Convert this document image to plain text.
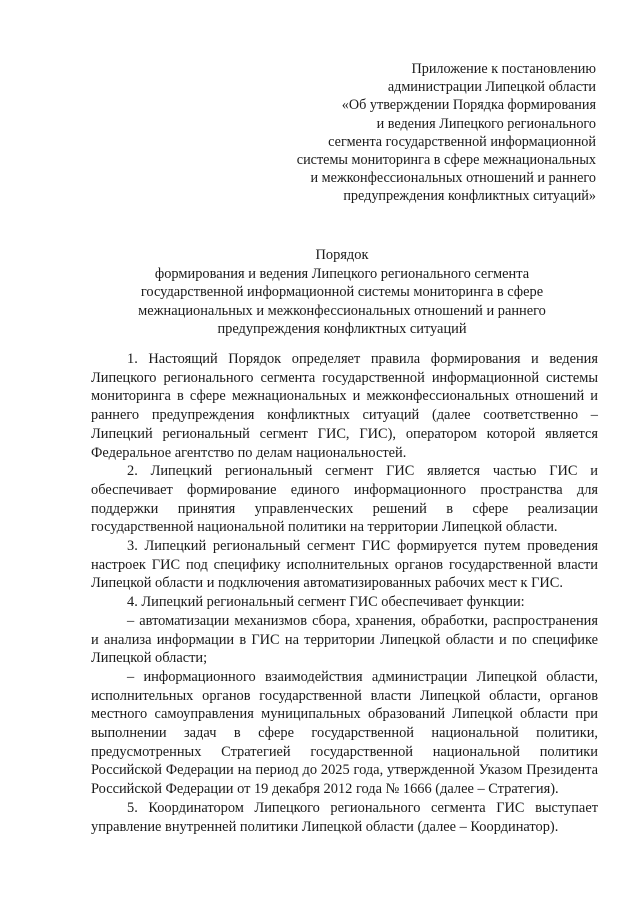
Приложение к постановлению
администрации Липецкой области
«Об утверждении Порядка формирования
и ведения Липецкого регионального
сегмента государственной информационной
системы мониторинга в сфере межнациональных
и межконфессиональных отношений и раннего
предупреждения конфликтных ситуаций»
Порядок
формирования и ведения Липецкого регионального сегмента
государственной информационной системы мониторинга в сфере
межнациональных и межконфессиональных отношений и раннего
предупреждения конфликтных ситуаций

1. Настоящий Порядок определяет правила формирования и ведения Липецкого регионального сегмента государственной информационной системы мониторинга в сфере межнациональных и межконфессиональных отношений и раннего предупреждения конфликтных ситуаций (далее соответственно – Липецкий региональный сегмент ГИС, ГИС), оператором которой является Федеральное агентство по делам национальностей.

2. Липецкий региональный сегмент ГИС является частью ГИС и обеспечивает формирование единого информационного пространства для поддержки принятия управленческих решений в сфере реализации государственной национальной политики на территории Липецкой области.

3. Липецкий региональный сегмент ГИС формируется путем проведения настроек ГИС под специфику исполнительных органов государственной власти Липецкой области и подключения автоматизированных рабочих мест к ГИС.

4. Липецкий региональный сегмент ГИС обеспечивает функции:

– автоматизации механизмов сбора, хранения, обработки, распространения и анализа информации в ГИС на территории Липецкой области и по специфике Липецкой области;

– информационного взаимодействия администрации Липецкой области, исполнительных органов государственной власти Липецкой области, органов местного самоуправления муниципальных образований Липецкой области при выполнении задач в сфере государственной национальной политики, предусмотренных Стратегией государственной национальной политики Российской Федерации на период до 2025 года, утвержденной Указом Президента Российской Федерации от 19 декабря 2012 года № 1666 (далее – Стратегия).

5. Координатором Липецкого регионального сегмента ГИС выступает управление внутренней политики Липецкой области (далее – Координатор).
